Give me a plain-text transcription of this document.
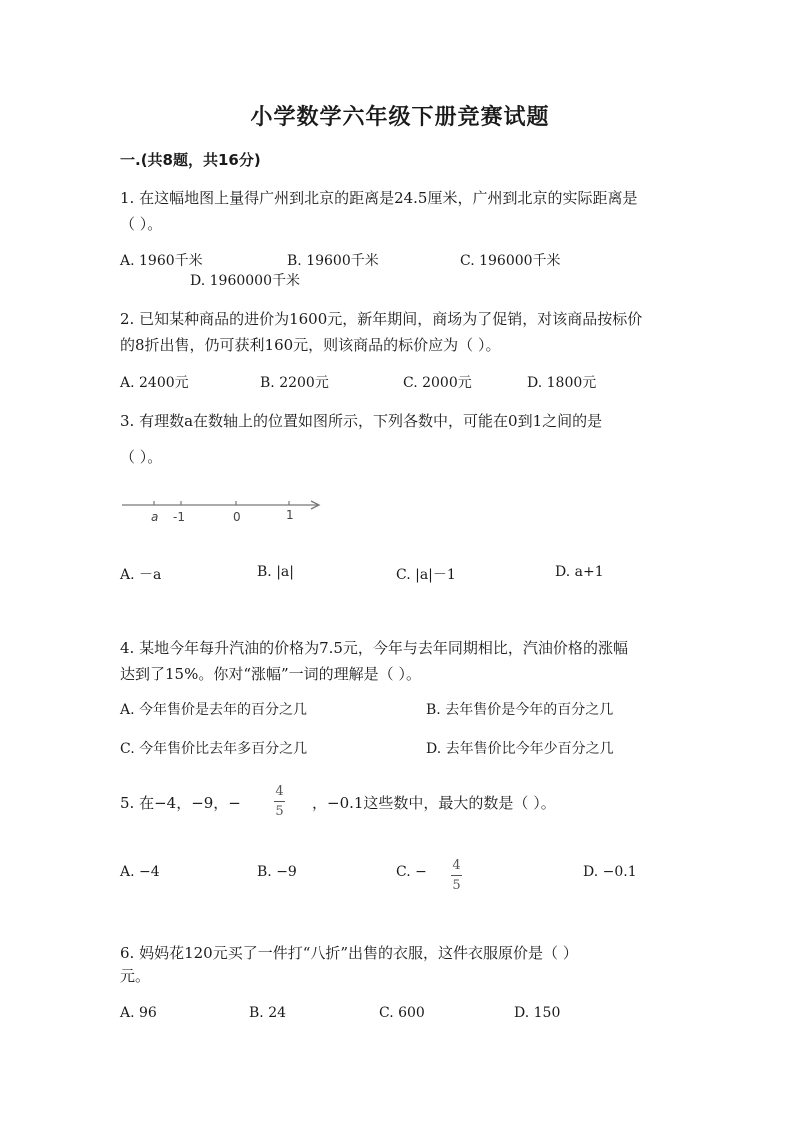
小学数学六年级下册竞赛试题
一.(共8题，共16分)
1. 在这幅地图上量得广州到北京的距离是24.5厘米，广州到北京的实际距离是
（ ）。
A. 1960千米	B. 19600千米	C. 196000千米
D. 1960000千米
2. 已知某种商品的进价为1600元，新年期间，商场为了促销，对该商品按标价
的8折出售，仍可获利160元，则该商品的标价应为（ ）。
A. 2400元	B. 2200元	C. 2000元	D. 1800元
3. 有理数a在数轴上的位置如图所示，下列各数中，可能在0到1之间的是
（ ）。
a -1	0	1
A. －a	B. |a|	C. |a|－1	D. a+1
4. 某地今年每升汽油的价格为7.5元，今年与去年同期相比，汽油价格的涨幅
达到了15%。你对“涨幅”一词的理解是（ ）。
A. 今年售价是去年的百分之几	B. 去年售价是今年的百分之几
C. 今年售价比去年多百分之几	D. 去年售价比今年少百分之几
5. 在−4，−9，−
4
5 ，−0.1这些数中，最大的数是（ ）。
A. −4	B. −9	C. − 4
5
D. −0.1
6. 妈妈花120元买了一件打“八折”出售的衣服，这件衣服原价是（ ）
元。
A. 96	B. 24	C. 600	D. 150
